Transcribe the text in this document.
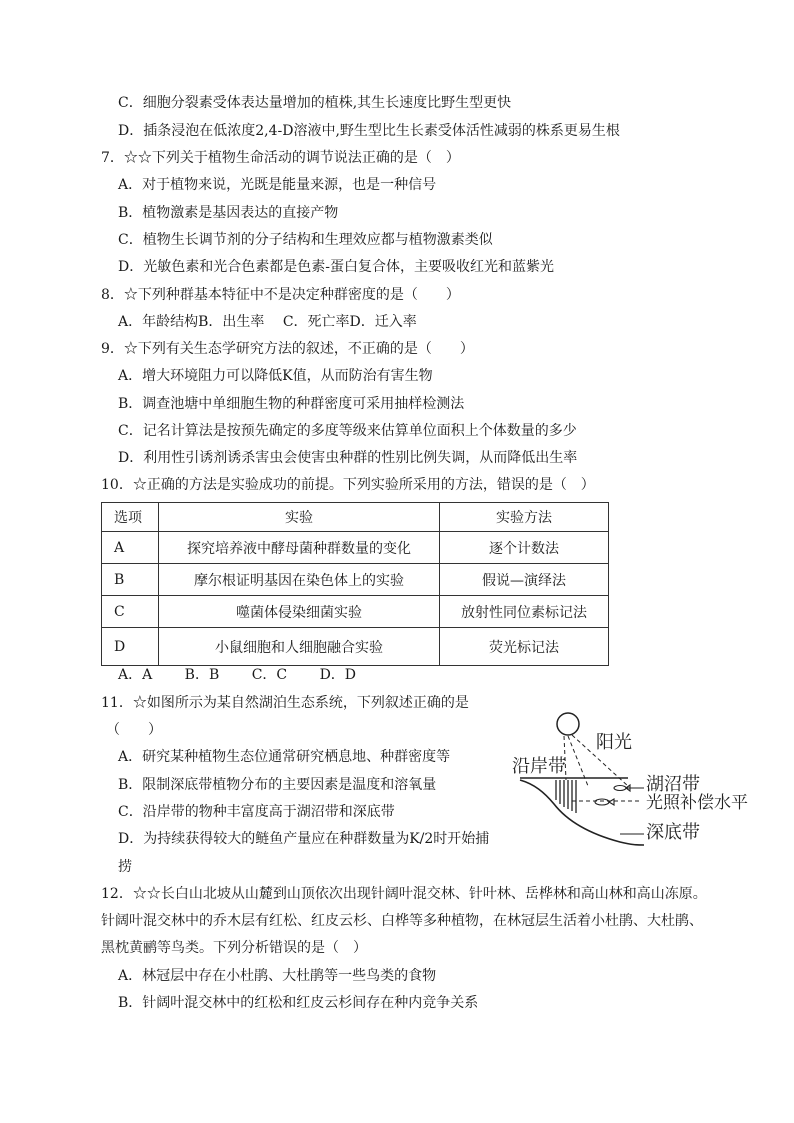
C．细胞分裂素受体表达量增加的植株,其生长速度比野生型更快
D．插条浸泡在低浓度2,4-D溶液中,野生型比生长素受体活性减弱的株系更易生根
7．☆☆下列关于植物生命活动的调节说法正确的是（　）
A．对于植物来说，光既是能量来源，也是一种信号
B．植物激素是基因表达的直接产物
C．植物生长调节剂的分子结构和生理效应都与植物激素类似
D．光敏色素和光合色素都是色素-蛋白复合体，主要吸收红光和蓝紫光
8．☆下列种群基本特征中不是决定种群密度的是（　　）
A．年龄结构B．出生率　 C．死亡率D．迁入率
9．☆下列有关生态学研究方法的叙述，不正确的是（　　）
A．增大环境阻力可以降低K值，从而防治有害生物
B．调查池塘中单细胞生物的种群密度可采用抽样检测法
C．记名计算法是按预先确定的多度等级来估算单位面积上个体数量的多少
D．利用性引诱剂诱杀害虫会使害虫种群的性别比例失调，从而降低出生率
10．☆正确的方法是实验成功的前提。下列实验所采用的方法，错误的是（　）
选项	实验	实验方法
A	探究培养液中酵母菌种群数量的变化	逐个计数法
B	摩尔根证明基因在染色体上的实验	假说—演绎法
C	噬菌体侵染细菌实验	放射性同位素标记法
D	小鼠细胞和人细胞融合实验	荧光标记法
A．A　　 B．B　　 C．C　　 D．D
11．☆如图所示为某自然湖泊生态系统，下列叙述正确的是
（　　）
A．研究某种植物生态位通常研究栖息地、种群密度等
B．限制深底带植物分布的主要因素是温度和溶氧量
C．沿岸带的物种丰富度高于湖沼带和深底带
D．为持续获得较大的鲢鱼产量应在种群数量为K/2时开始捕
捞
阳光
沿岸带
湖沼带
光照补偿水平
深底带
12．☆☆长白山北坡从山麓到山顶依次出现针阔叶混交林、针叶林、岳桦林和高山林和高山冻原。
针阔叶混交林中的乔木层有红松、红皮云杉、白桦等多种植物，在林冠层生活着小杜鹃、大杜鹃、
黑枕黄鹂等鸟类。下列分析错误的是（　）
A．林冠层中存在小杜鹃、大杜鹃等一些鸟类的食物
B．针阔叶混交林中的红松和红皮云杉间存在种内竞争关系
